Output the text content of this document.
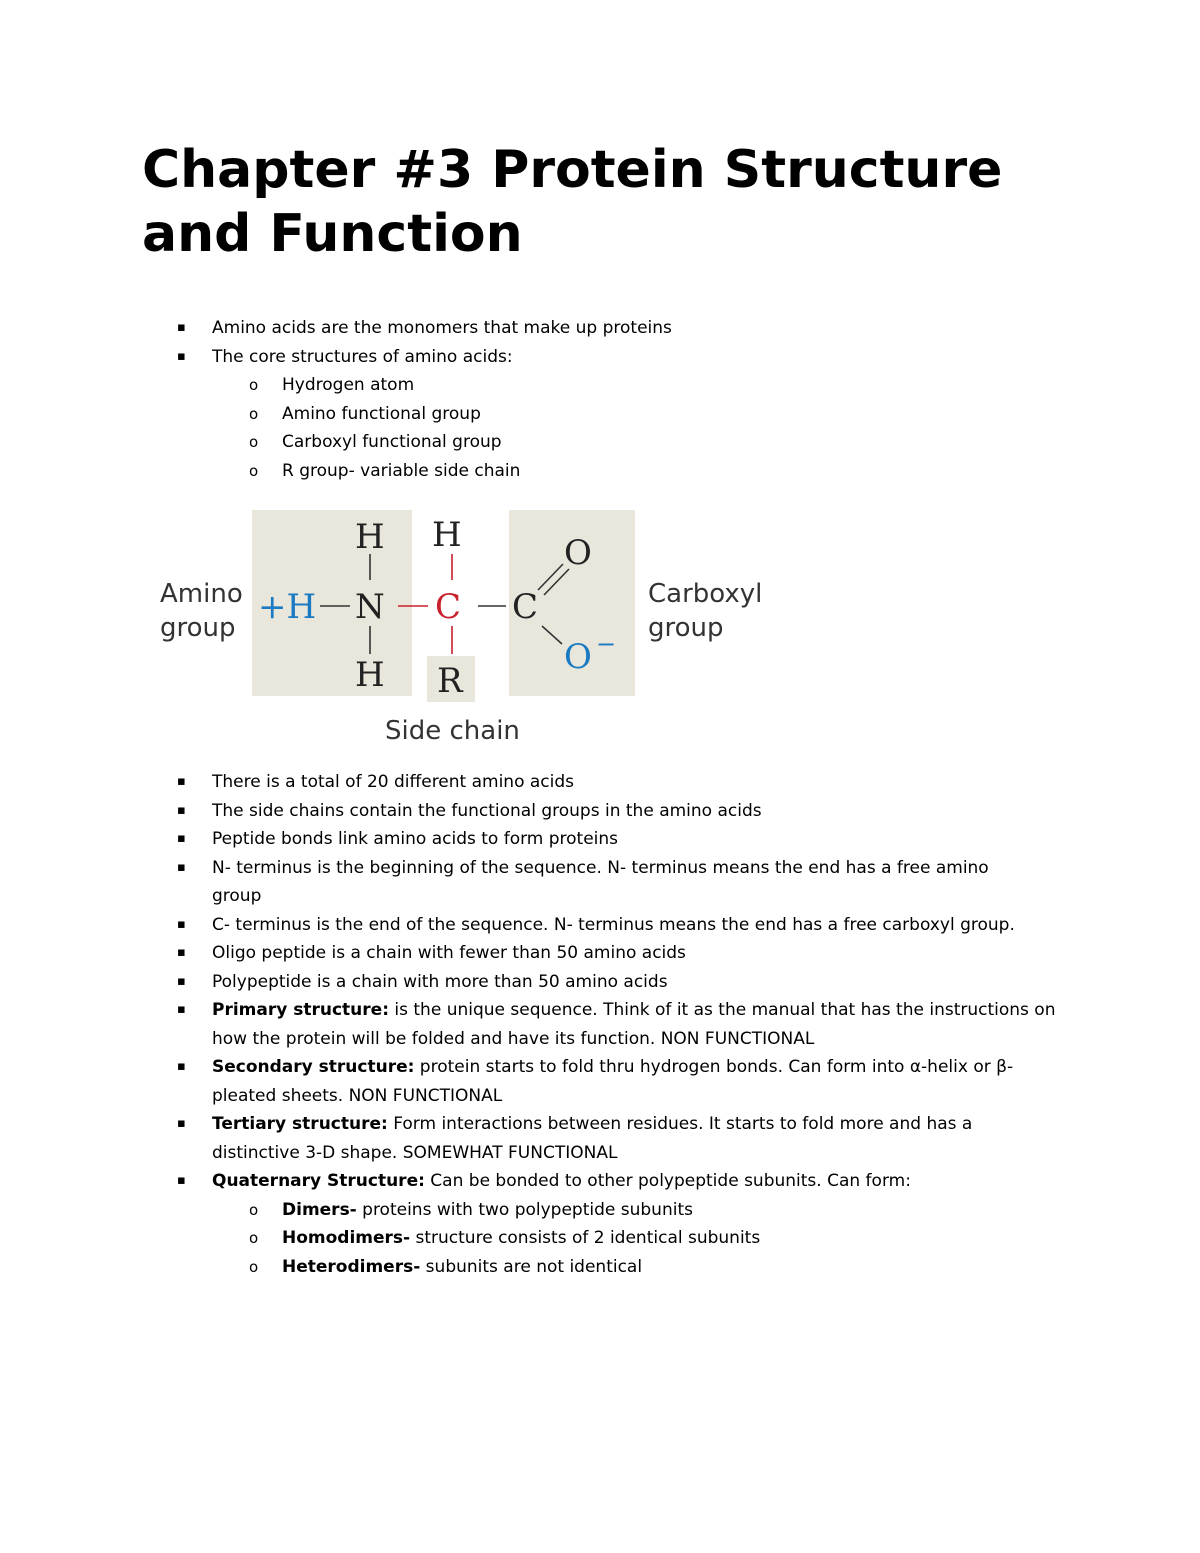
Chapter #3 Protein Structure and Function
▪ Amino acids are the monomers that make up proteins
▪ The core structures of amino acids:
o Hydrogen atom
o Amino functional group
o Carboxyl functional group
o R group- variable side chain
Amino
group
Carboxyl
group
Side chain
+H N
H
H
C
H
R
C
O
O −
▪ There is a total of 20 different amino acids
▪ The side chains contain the functional groups in the amino acids
▪ Peptide bonds link amino acids to form proteins
▪ N- terminus is the beginning of the sequence. N- terminus means the end has a free amino
group
▪ C- terminus is the end of the sequence. N- terminus means the end has a free carboxyl group.
▪ Oligo peptide is a chain with fewer than 50 amino acids
▪ Polypeptide is a chain with more than 50 amino acids
▪ Primary structure: is the unique sequence. Think of it as the manual that has the instructions on
how the protein will be folded and have its function. NON FUNCTIONAL
▪ Secondary structure: protein starts to fold thru hydrogen bonds. Can form into α-helix or β-
pleated sheets. NON FUNCTIONAL
▪ Tertiary structure: Form interactions between residues. It starts to fold more and has a
distinctive 3-D shape. SOMEWHAT FUNCTIONAL
▪ Quaternary Structure: Can be bonded to other polypeptide subunits. Can form:
o Dimers- proteins with two polypeptide subunits
o Homodimers- structure consists of 2 identical subunits
o Heterodimers- subunits are not identical
